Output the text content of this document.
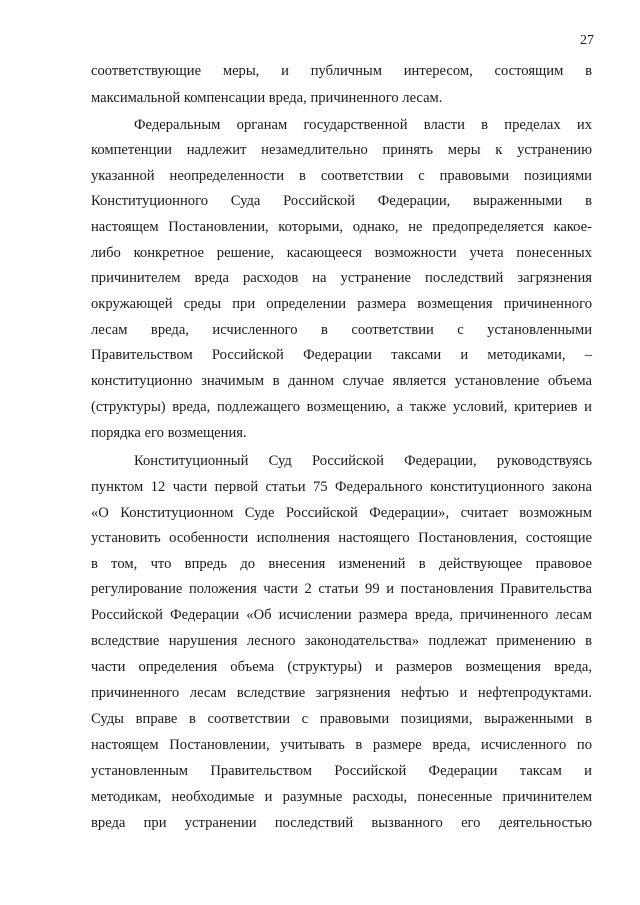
27
соответствующие меры, и публичным интересом, состоящим в
максимальной компенсации вреда, причиненного лесам.
Федеральным органам государственной власти в пределах их
компетенции надлежит незамедлительно принять меры к устранению
указанной неопределенности в соответствии с правовыми позициями
Конституционного Суда Российской Федерации, выраженными в
настоящем Постановлении, которыми, однако, не предопределяется какое-
либо конкретное решение, касающееся возможности учета понесенных
причинителем вреда расходов на устранение последствий загрязнения
окружающей среды при определении размера возмещения причиненного
лесам вреда, исчисленного в соответствии с установленными
Правительством Российской Федерации таксами и методиками, –
конституционно значимым в данном случае является установление объема
(структуры) вреда, подлежащего возмещению, а также условий, критериев и
порядка его возмещения.
Конституционный Суд Российской Федерации, руководствуясь
пунктом 12 части первой статьи 75 Федерального конституционного закона
«О Конституционном Суде Российской Федерации», считает возможным
установить особенности исполнения настоящего Постановления, состоящие
в том, что впредь до внесения изменений в действующее правовое
регулирование положения части 2 статьи 99 и постановления Правительства
Российской Федерации «Об исчислении размера вреда, причиненного лесам
вследствие нарушения лесного законодательства» подлежат применению в
части определения объема (структуры) и размеров возмещения вреда,
причиненного лесам вследствие загрязнения нефтью и нефтепродуктами.
Суды вправе в соответствии с правовыми позициями, выраженными в
настоящем Постановлении, учитывать в размере вреда, исчисленного по
установленным Правительством Российской Федерации таксам и
методикам, необходимые и разумные расходы, понесенные причинителем
вреда при устранении последствий вызванного его деятельностью
